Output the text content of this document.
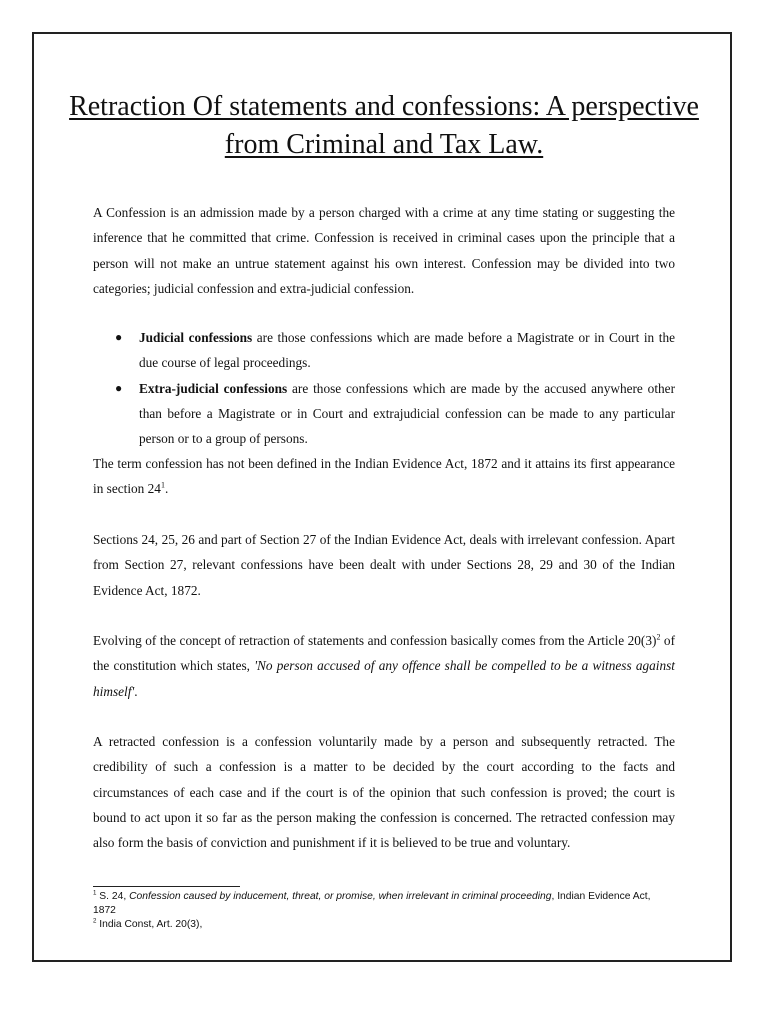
Retraction Of statements and confessions: A perspective from Criminal and Tax Law.

A Confession is an admission made by a person charged with a crime at any time stating or suggesting the inference that he committed that crime. Confession is received in criminal cases upon the principle that a person will not make an untrue statement against his own interest. Confession may be divided into two categories; judicial confession and extra-judicial confession.

● Judicial confessions are those confessions which are made before a Magistrate or in Court in the due course of legal proceedings.
● Extra-judicial confessions are those confessions which are made by the accused anywhere other than before a Magistrate or in Court and extrajudicial confession can be made to any particular person or to a group of persons.

The term confession has not been defined in the Indian Evidence Act, 1872 and it attains its first appearance in section $24^1$.

Sections 24, 25, 26 and part of Section 27 of the Indian Evidence Act, deals with irrelevant confession. Apart from Section 27, relevant confessions have been dealt with under Sections 28, 29 and 30 of the Indian Evidence Act, 1872.

Evolving of the concept of retraction of statements and confession basically comes from the Article $20(3)^2$ of the constitution which states, 'No person accused of any offence shall be compelled to be a witness against himself'.

A retracted confession is a confession voluntarily made by a person and subsequently retracted. The credibility of such a confession is a matter to be decided by the court according to the facts and circumstances of each case and if the court is of the opinion that such confession is proved; the court is bound to act upon it so far as the person making the confession is concerned. The retracted confession may also form the basis of conviction and punishment if it is believed to be true and voluntary.

$^1$ S. 24, Confession caused by inducement, threat, or promise, when irrelevant in criminal proceeding, Indian Evidence Act, 1872

$^2$ India Const, Art. 20(3),
